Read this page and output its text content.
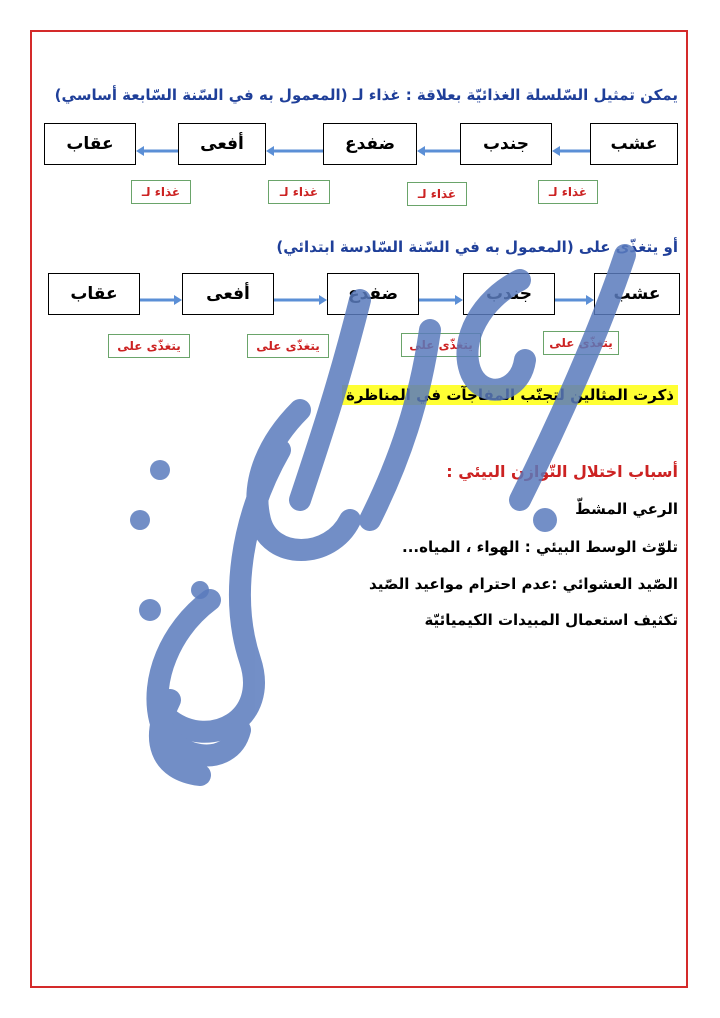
يمكن تمثيل السّلسلة الغذائيّة بعلاقة : غذاء لـ (المعمول به في السّنة السّابعة أساسي)
عشب
جندب
ضفدع
أفعى
عقاب
غذاء لـ
غذاء لـ
غذاء لـ
غذاء لـ
أو يتغذّى على (المعمول به في السّنة السّادسة ابتدائي)
عشب
جندب
ضفدع
أفعى
عقاب
يتغذّى على
يتغذّى على
يتغذّى على
يتغذّى على
ذكرت المثالين لتجنّب المفاجآت في المناظرة
أسباب اختلال التّوازن البيئي :
الرعي المشطّ
تلوّث الوسط البيئي : الهواء ، المياه...
الصّيد العشوائي :عدم احترام مواعيد الصّيد
تكثيف استعمال المبيدات الكيميائيّة
